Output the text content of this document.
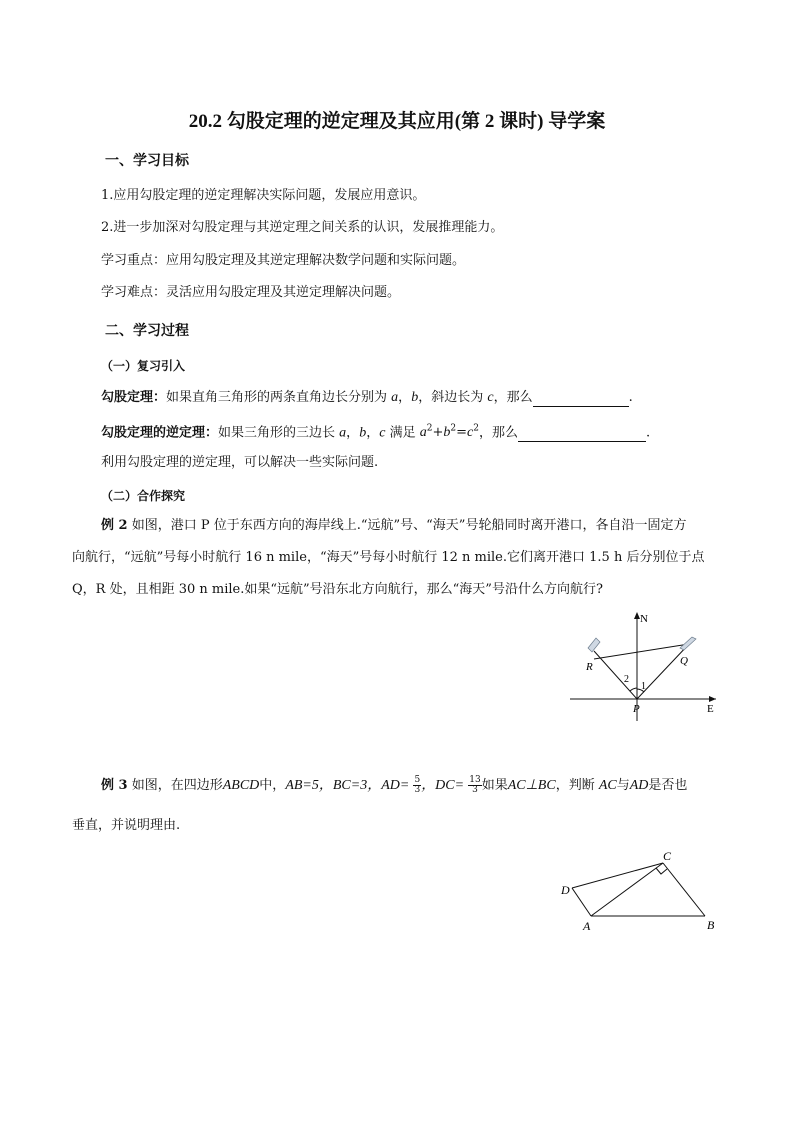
20.2 勾股定理的逆定理及其应用(第 2 课时) 导学案
一、学习目标
1.应用勾股定理的逆定理解决实际问题，发展应用意识。
2.进一步加深对勾股定理与其逆定理之间关系的认识，发展推理能力。
学习重点：应用勾股定理及其逆定理解决数学问题和实际问题。
学习难点：灵活应用勾股定理及其逆定理解决问题。
二、学习过程
（一）复习引入
勾股定理：如果直角三角形的两条直角边长分别为 a，b，斜边长为 c，那么	.
勾股定理的逆定理：如果三角形的三边长 a，b，c 满足 $a^2+b^2=c^2$，那么	.
利用勾股定理的逆定理，可以解决一些实际问题.
（二）合作探究
例 2 如图，港口 P 位于东西方向的海岸线上.“远航”号、“海天”号轮船同时离开港口，各自沿一固定方
向航行，“远航”号每小时航行 16 n mile，“海天”号每小时航行 12 n mile.它们离开港口 1.5 h 后分别位于点
Q，R 处，且相距 30 n mile.如果“远航”号沿东北方向航行，那么“海天”号沿什么方向航行?
N
E
P
Q
R
1
2
例 3 如图，在四边形ABCD中，AB=5，BC=3，$AD= \frac{5}{3}$ ，$DC= \frac{13}{3}$ 如果AC⊥BC，判断 AC与AD是否也
垂直，并说明理由.
D
A	B
C
